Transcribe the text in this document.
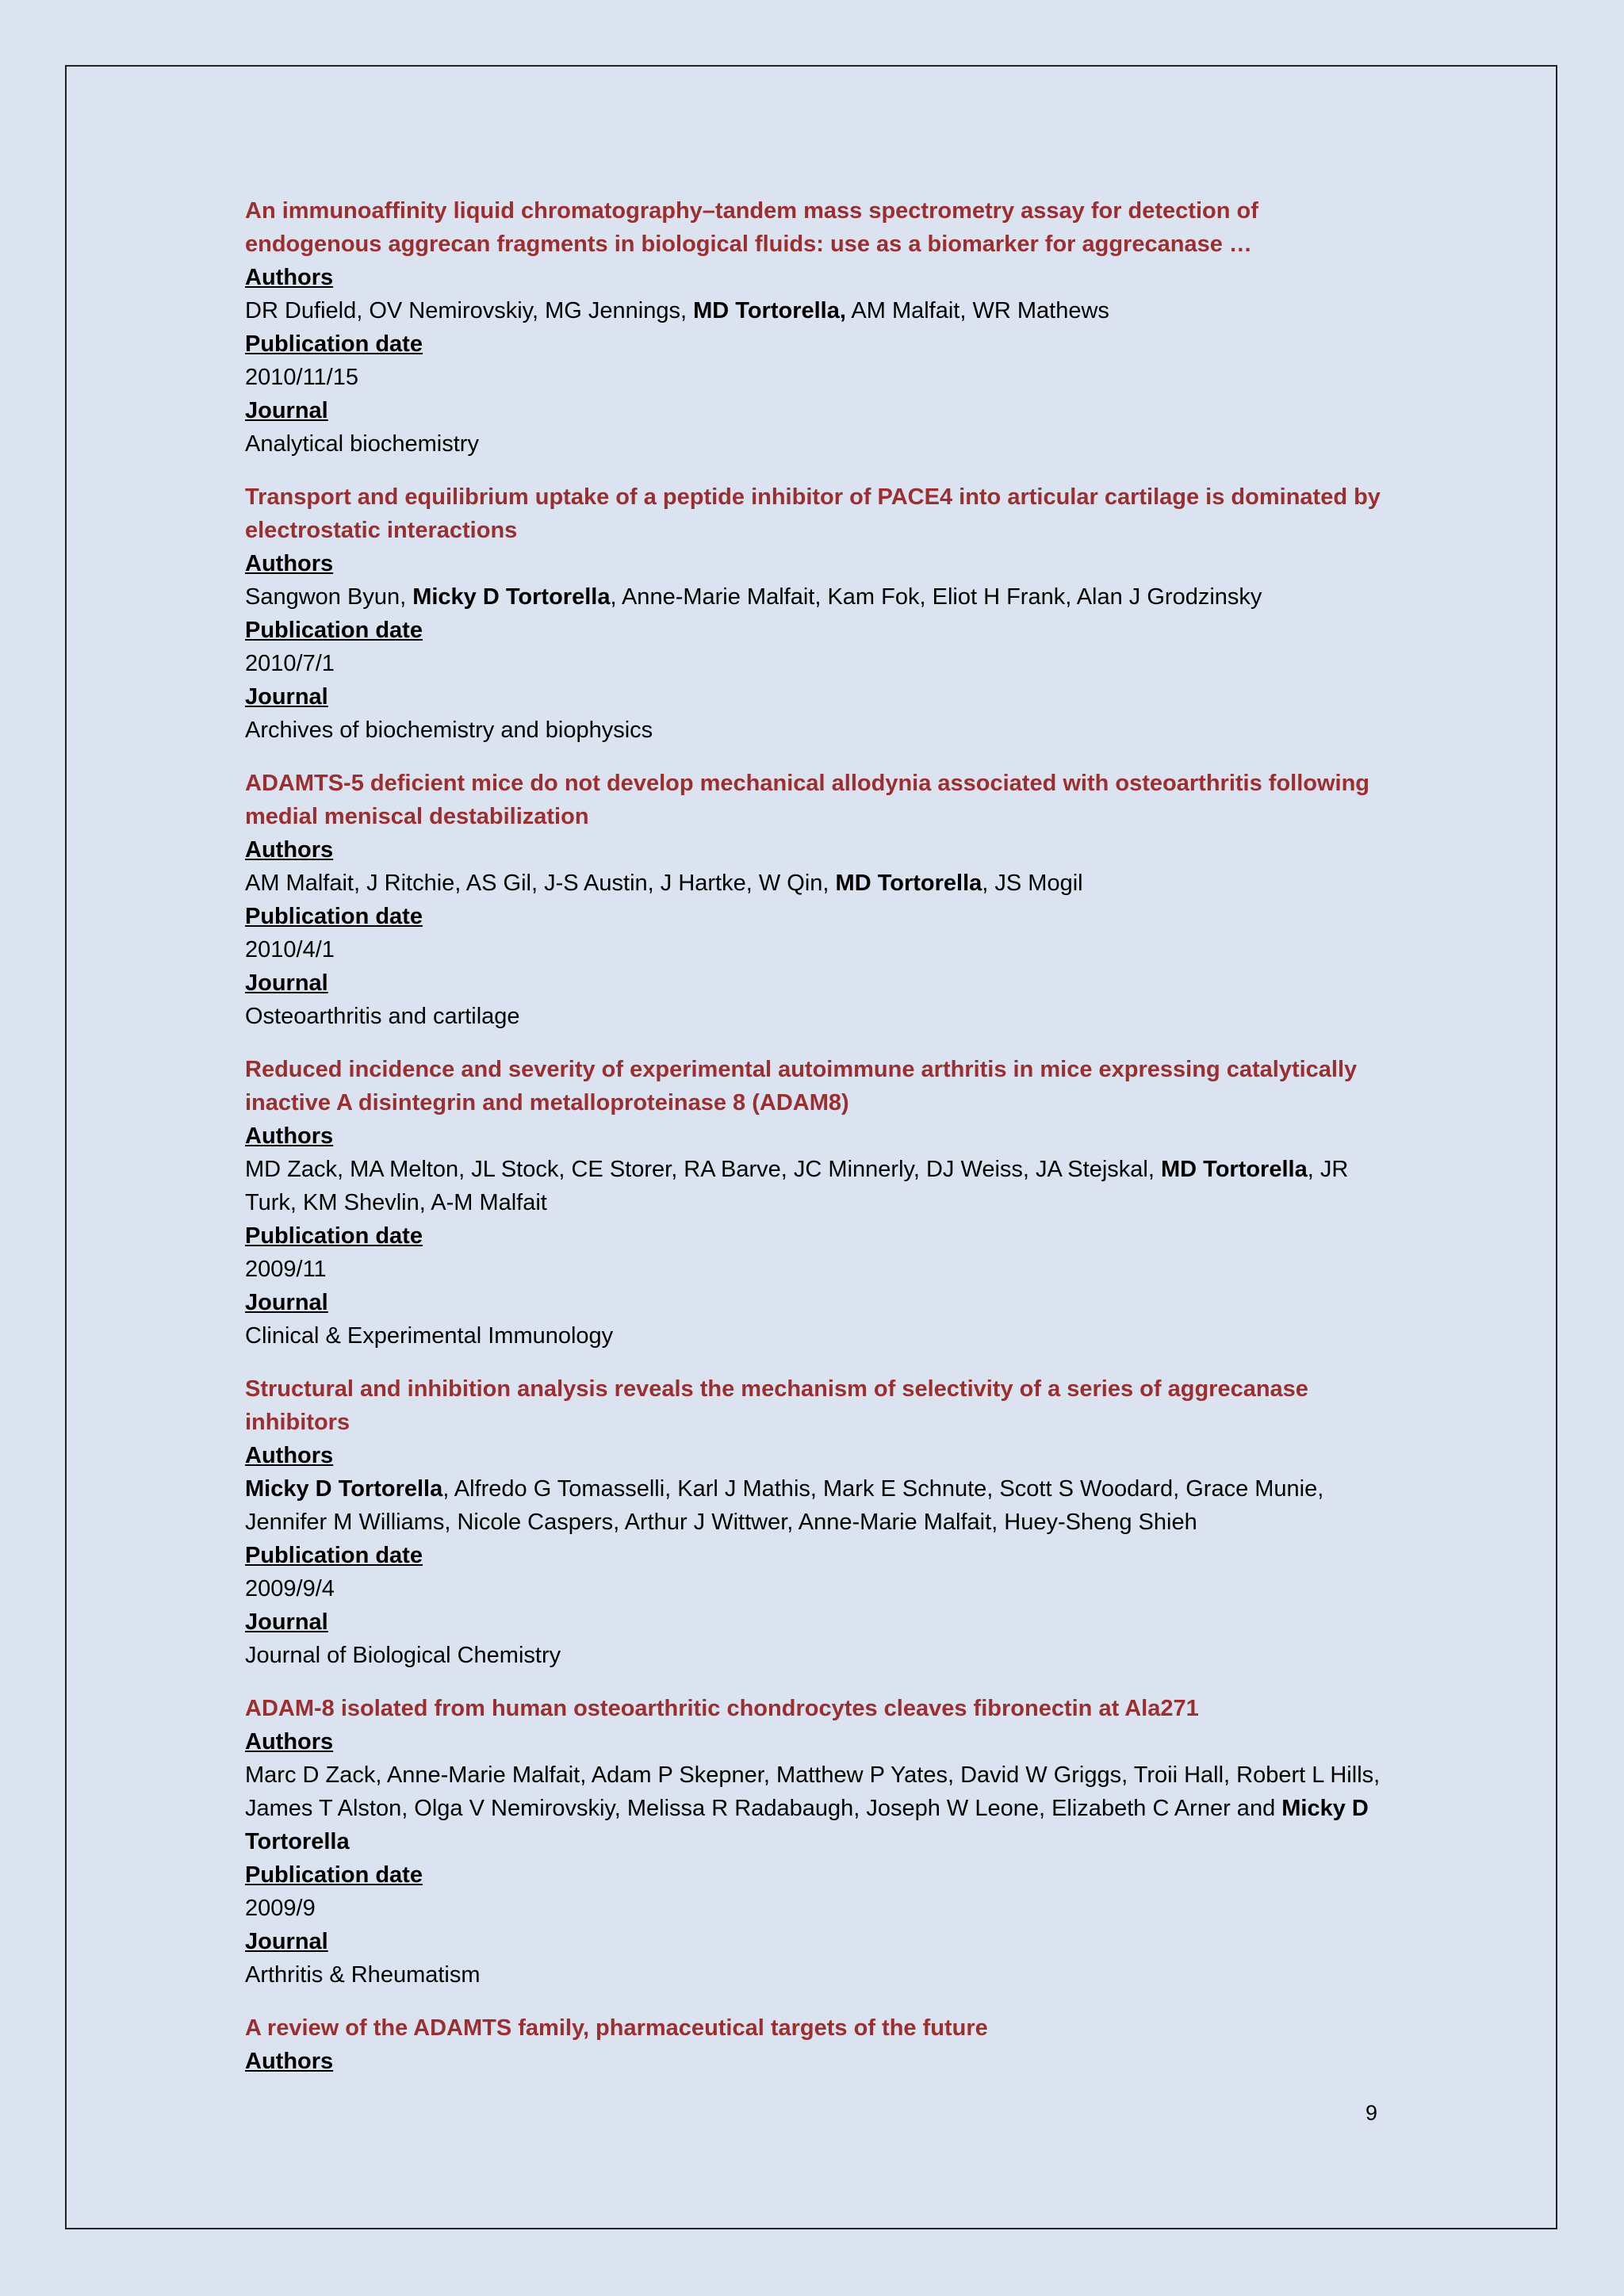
An immunoaffinity liquid chromatography–tandem mass spectrometry assay for detection of endogenous aggrecan fragments in biological fluids: use as a biomarker for aggrecanase …

Authors

DR Dufield, OV Nemirovskiy, MG Jennings, MD Tortorella, AM Malfait, WR Mathews

Publication date

2010/11/15

Journal

Analytical biochemistry

Transport and equilibrium uptake of a peptide inhibitor of PACE4 into articular cartilage is dominated by electrostatic interactions

Authors

Sangwon Byun, Micky D Tortorella, Anne-Marie Malfait, Kam Fok, Eliot H Frank, Alan J Grodzinsky

Publication date

2010/7/1

Journal

Archives of biochemistry and biophysics

ADAMTS-5 deficient mice do not develop mechanical allodynia associated with osteoarthritis following medial meniscal destabilization

Authors

AM Malfait, J Ritchie, AS Gil, J-S Austin, J Hartke, W Qin, MD Tortorella, JS Mogil

Publication date

2010/4/1

Journal

Osteoarthritis and cartilage

Reduced incidence and severity of experimental autoimmune arthritis in mice expressing catalytically inactive A disintegrin and metalloproteinase 8 (ADAM8)

Authors

MD Zack, MA Melton, JL Stock, CE Storer, RA Barve, JC Minnerly, DJ Weiss, JA Stejskal, MD Tortorella, JR Turk, KM Shevlin, A-M Malfait

Publication date

2009/11

Journal

Clinical & Experimental Immunology

Structural and inhibition analysis reveals the mechanism of selectivity of a series of aggrecanase inhibitors

Authors

Micky D Tortorella, Alfredo G Tomasselli, Karl J Mathis, Mark E Schnute, Scott S Woodard, Grace Munie, Jennifer M Williams, Nicole Caspers, Arthur J Wittwer, Anne-Marie Malfait, Huey-Sheng Shieh

Publication date

2009/9/4

Journal

Journal of Biological Chemistry

ADAM-8 isolated from human osteoarthritic chondrocytes cleaves fibronectin at Ala271

Authors

Marc D Zack, Anne-Marie Malfait, Adam P Skepner, Matthew P Yates, David W Griggs, Troii Hall, Robert L Hills, James T Alston, Olga V Nemirovskiy, Melissa R Radabaugh, Joseph W Leone, Elizabeth C Arner and Micky D Tortorella

Publication date

2009/9

Journal

Arthritis & Rheumatism

A review of the ADAMTS family, pharmaceutical targets of the future

Authors

9
